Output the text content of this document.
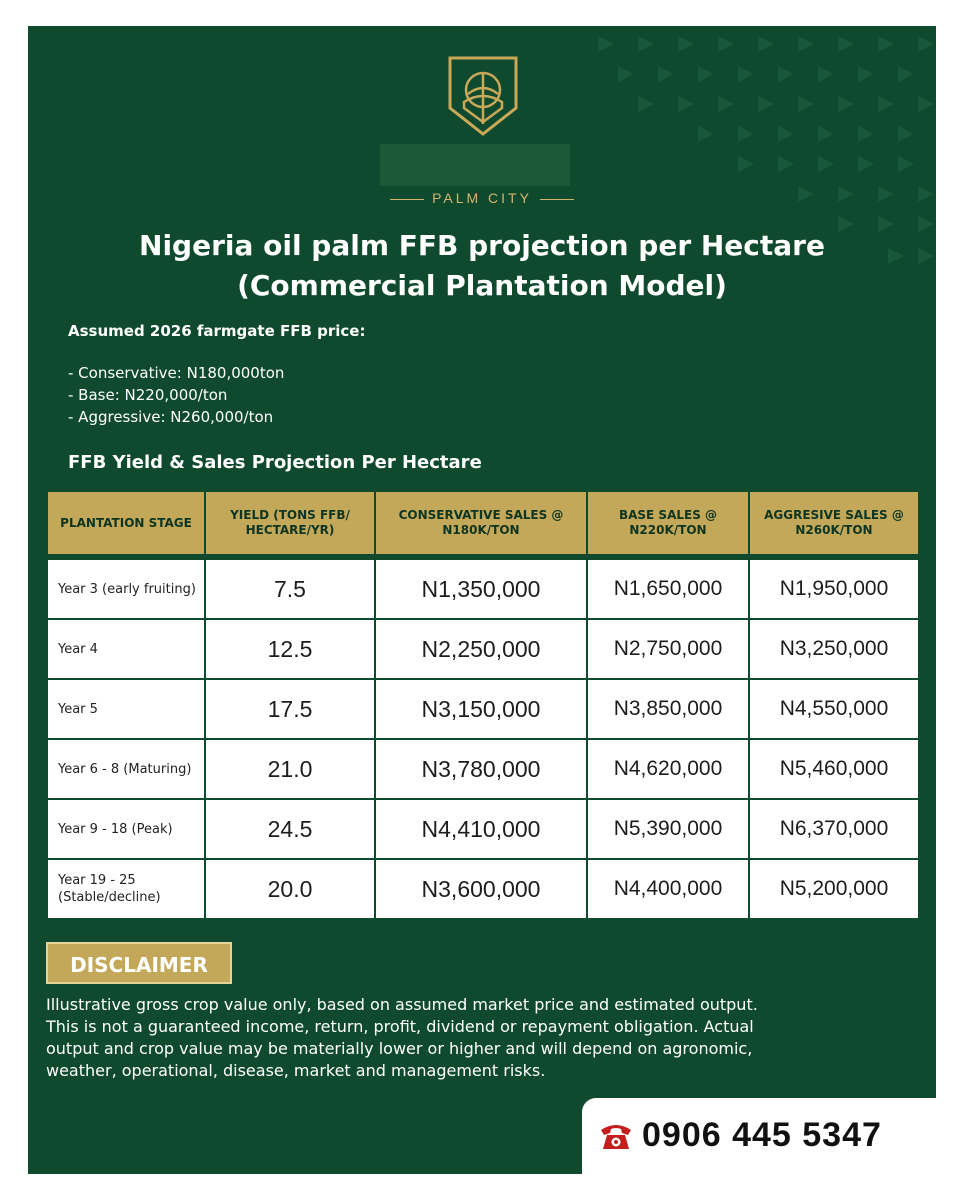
PALM CITY
Nigeria oil palm FFB projection per Hectare
(Commercial Plantation Model)
Assumed 2026 farmgate FFB price:
- Conservative: N180,000ton
- Base: N220,000/ton
- Aggressive: N260,000/ton
FFB Yield & Sales Projection Per Hectare
PLANTATION STAGE	YIELD (TONS FFB/ HECTARE/YR)	CONSERVATIVE SALES @ N180K/TON	BASE SALES @ N220K/TON	AGGRESIVE SALES @ N260K/TON

Year 3 (early fruiting)	7.5	N1,350,000	N1,650,000	N1,950,000
Year 4	12.5	N2,250,000	N2,750,000	N3,250,000
Year 5	17.5	N3,150,000	N3,850,000	N4,550,000
Year 6 - 8 (Maturing)	21.0	N3,780,000	N4,620,000	N5,460,000
Year 9 - 18 (Peak)	24.5	N4,410,000	N5,390,000	N6,370,000
Year 19 - 25 (Stable/decline)	20.0	N3,600,000	N4,400,000	N5,200,000
DISCLAIMER
Illustrative gross crop value only, based on assumed market price and estimated output. This is not a guaranteed income, return, profit, dividend or repayment obligation. Actual output and crop value may be materially lower or higher and will depend on agronomic, weather, operational, disease, market and management risks.
0906 445 5347
